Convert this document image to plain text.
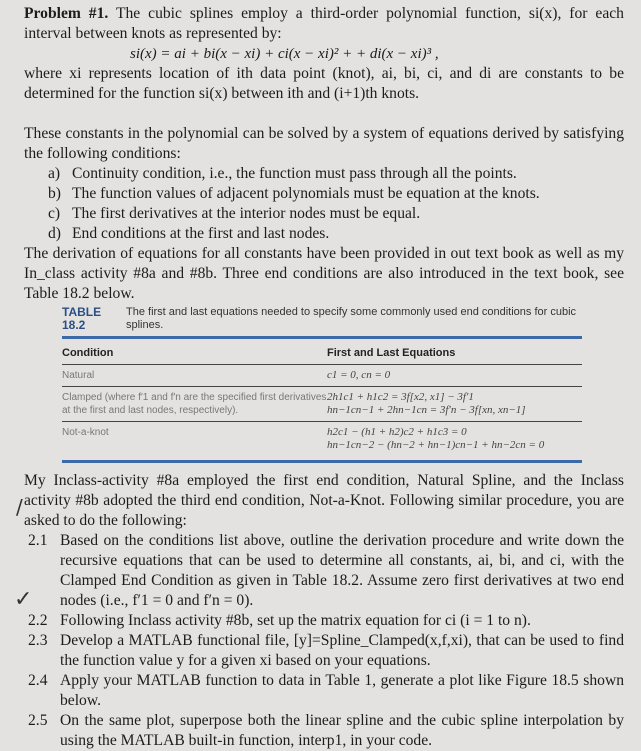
Problem #1. The cubic splines employ a third-order polynomial function, si(x), for each interval between knots as represented by:

si(x) = ai + bi(x − xi) + ci(x − xi)² + + di(x − xi)³ ,

where xi represents location of ith data point (knot), ai, bi, ci, and di are constants to be determined for the function si(x) between ith and (i+1)th knots.

These constants in the polynomial can be solved by a system of equations derived by satisfying the following conditions:

a) Continuity condition, i.e., the function must pass through all the points.
b) The function values of adjacent polynomials must be equation at the knots.
c) The first derivatives at the interior nodes must be equal.
d) End conditions at the first and last nodes.

The derivation of equations for all constants have been provided in out text book as well as my In_class activity #8a and #8b. Three end conditions are also introduced in the text book, see Table 18.2 below.

TABLE 18.2
The first and last equations needed to specify some commonly used end conditions for cubic splines.
Condition	First and Last Equations
Natural	c1 = 0, cn = 0
Clamped (where f′1 and f′n are the specified first derivatives at the first and last nodes, respectively).
2h1c1 + h1c2 = 3f[x2, x1] − 3f′1
hn−1cn−1 + 2hn−1cn = 3f′n − 3f[xn, xn−1]
Not-a-knot	h2c1 − (h1 + h2)c2 + h1c3 = 0
hn−1cn−2 − (hn−2 + hn−1)cn−1 + hn−2cn = 0

My Inclass-activity #8a employed the first end condition, Natural Spline, and the Inclass activity #8b adopted the third end condition, Not-a-Knot. Following similar procedure, you are asked to do the following:

2.1 Based on the conditions list above, outline the derivation procedure and write down the recursive equations that can be used to determine all constants, ai, bi, and ci, with the Clamped End Condition as given in Table 18.2. Assume zero first derivatives at two end nodes (i.e., f′1 = 0 and f′n = 0).
2.2 Following Inclass activity #8b, set up the matrix equation for ci (i = 1 to n).
2.3 Develop a MATLAB functional file, [y]=Spline_Clamped(x,f,xi), that can be used to find the function value y for a given xi based on your equations.
2.4 Apply your MATLAB function to data in Table 1, generate a plot like Figure 18.5 shown below.
2.5 On the same plot, superpose both the linear spline and the cubic spline interpolation by using the MATLAB built-in function, interp1, in your code.
/
✓
